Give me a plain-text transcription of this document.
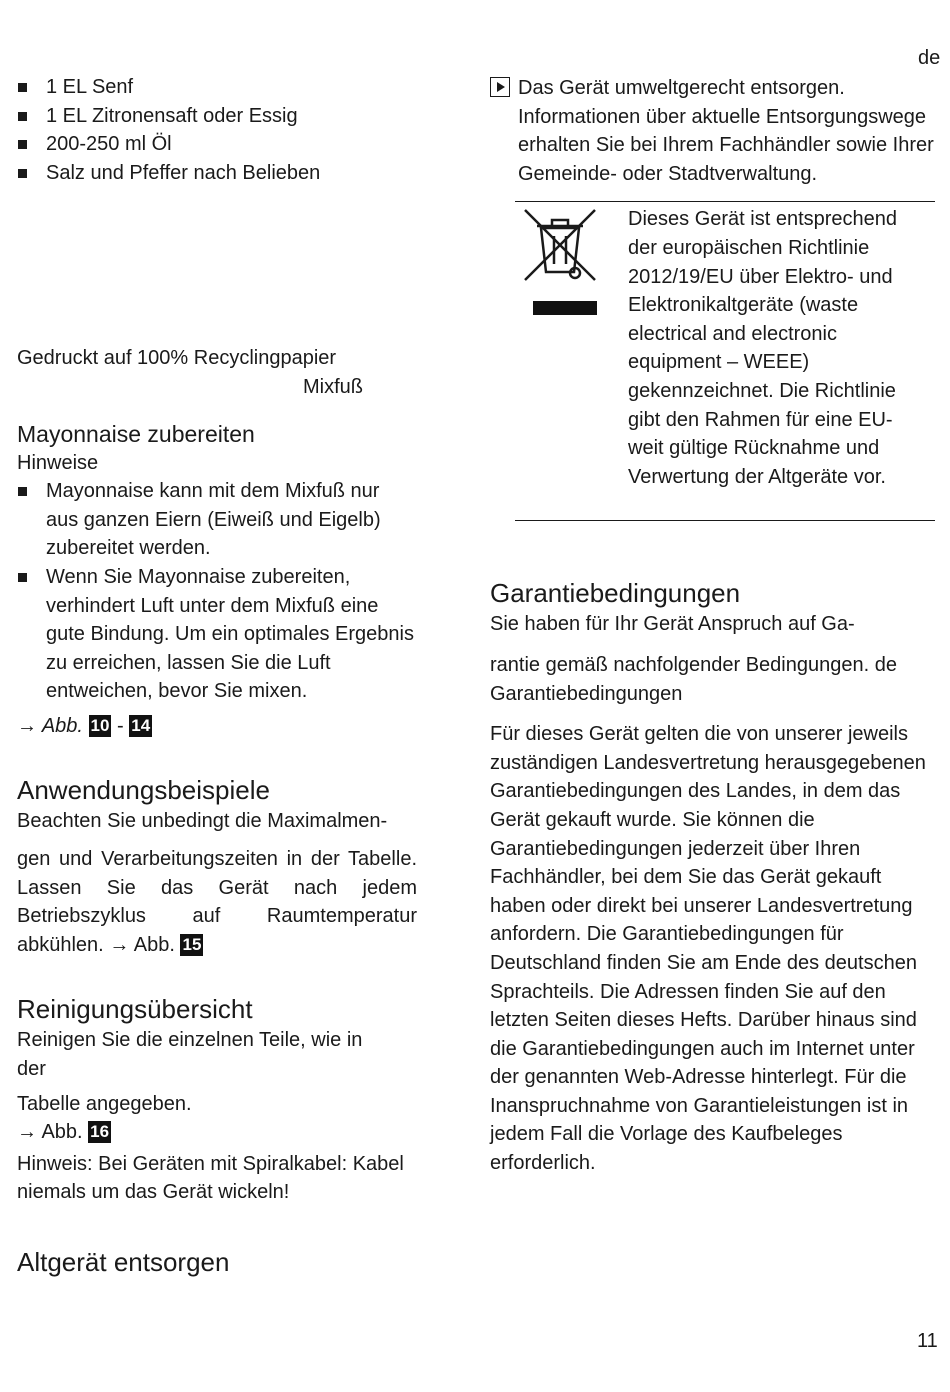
de
1 EL Senf
1 EL Zitronensaft oder Essig
200-250 ml Öl
Salz und Pfeffer nach Belieben

Gedruckt auf 100% Recyclingpapier

Mixfuß

Mayonnaise zubereiten

Hinweise

Mayonnaise kann mit dem Mixfuß nur aus ganzen Eiern (Eiweiß und Eigelb) zubereitet werden.
Wenn Sie Mayonnaise zubereiten, verhindert Luft unter dem Mixfuß eine gute Bindung. Um ein optimales Ergebnis zu erreichen, lassen Sie die Luft entweichen, bevor Sie mixen.

→ Abb. 10 - 14

Anwendungsbeispiele

Beachten Sie unbedingt die Maximalmen-

gen und Verarbeitungszeiten in der Tabelle. Lassen Sie das Gerät nach jedem Betriebszyklus auf Raumtemperatur abkühlen. → Abb. 15

Reinigungsübersicht

Reinigen Sie die einzelnen Teile, wie in

der

Tabelle angegeben.

→ Abb. 16

Hinweis: Bei Geräten mit Spiralkabel: Kabel niemals um das Gerät wickeln!

Altgerät entsorgen

Das Gerät umweltgerecht entsorgen.

Informationen über aktuelle Entsorgungswege erhalten Sie bei Ihrem Fachhändler sowie Ihrer Gemeinde- oder Stadtverwaltung.

Dieses Gerät ist entsprechend der europäischen Richtlinie 2012/19/EU über Elektro- und Elektronikaltgeräte (waste electrical and electronic equipment – WEEE) gekennzeichnet. Die Richtlinie gibt den Rahmen für eine EU-weit gültige Rücknahme und Verwertung der Altgeräte vor.

Garantiebedingungen

Sie haben für Ihr Gerät Anspruch auf Ga-

rantie gemäß nachfolgender Bedingungen. de

Garantiebedingungen

Für dieses Gerät gelten die von unserer jeweils zuständigen Landesvertretung herausgegebenen Garantiebedingungen des Landes, in dem das Gerät gekauft wurde. Sie können die Garantiebedingungen jederzeit über Ihren Fachhändler, bei dem Sie das Gerät gekauft haben oder direkt bei unserer Landesvertretung anfordern. Die Garantiebedingungen für Deutschland finden Sie am Ende des deutschen Sprachteils. Die Adressen finden Sie auf den letzten Seiten dieses Hefts. Darüber hinaus sind die Garantiebedingungen auch im Internet unter der genannten Web-Adresse hinterlegt. Für die Inanspruchnahme von Garantieleistungen ist in jedem Fall die Vorlage des Kaufbeleges erforderlich.

11
